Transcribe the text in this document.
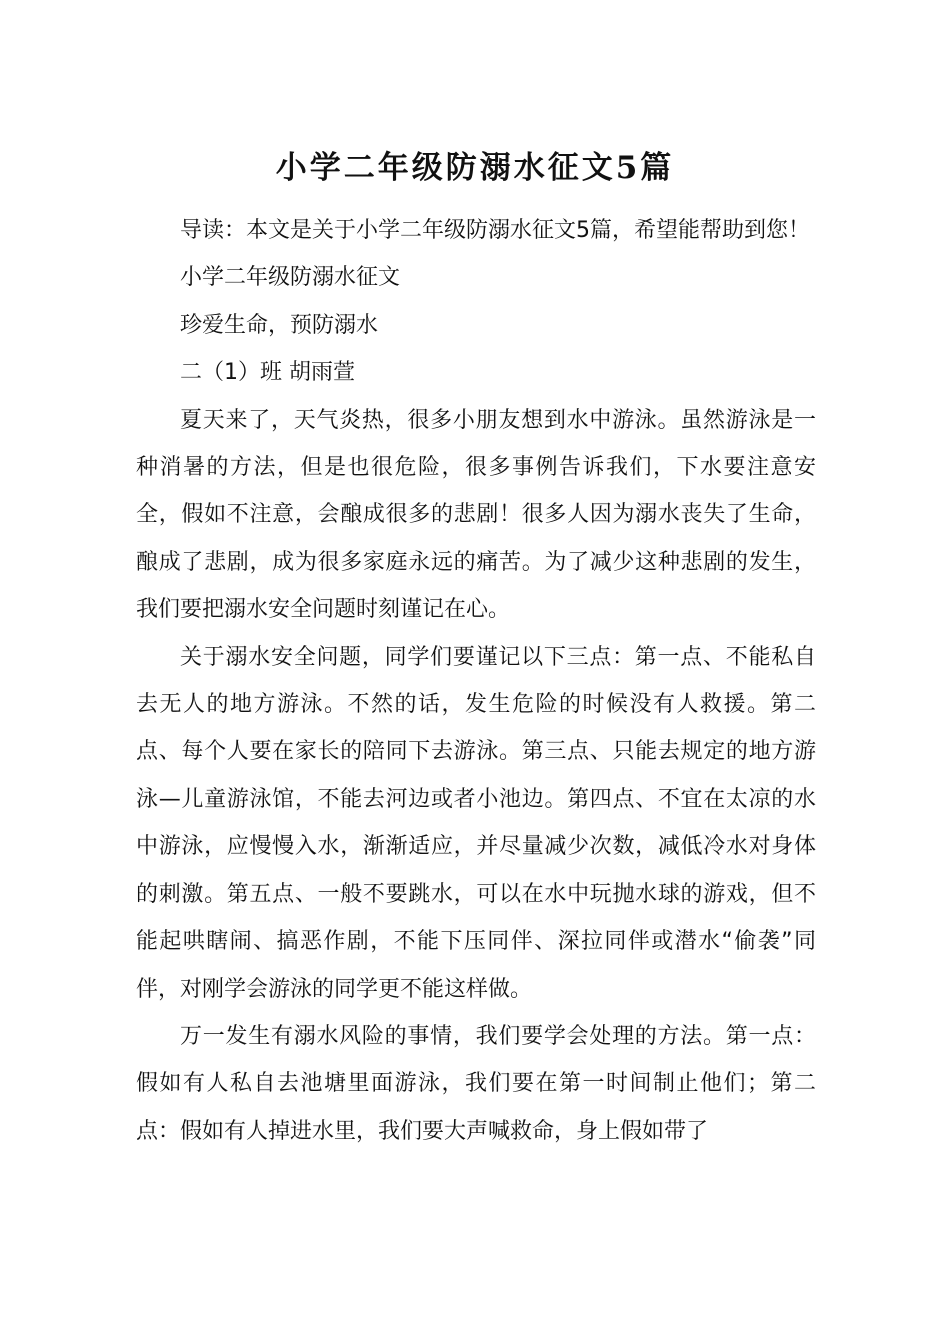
小学二年级防溺水征文5篇

导读：本文是关于小学二年级防溺水征文5篇，希望能帮助到您！

小学二年级防溺水征文

珍爱生命，预防溺水

二（1）班 胡雨萱

夏天来了，天气炎热，很多小朋友想到水中游泳。虽然游泳是一种消暑的方法，但是也很危险，很多事例告诉我们，下水要注意安全，假如不注意，会酿成很多的悲剧！很多人因为溺水丧失了生命，酿成了悲剧，成为很多家庭永远的痛苦。为了减少这种悲剧的发生，我们要把溺水安全问题时刻谨记在心。

关于溺水安全问题，同学们要谨记以下三点：第一点、不能私自去无人的地方游泳。不然的话，发生危险的时候没有人救援。第二点、每个人要在家长的陪同下去游泳。第三点、只能去规定的地方游泳—儿童游泳馆，不能去河边或者小池边。第四点、不宜在太凉的水中游泳，应慢慢入水，渐渐适应，并尽量减少次数，减低冷水对身体的刺激。第五点、一般不要跳水，可以在水中玩抛水球的游戏，但不能起哄瞎闹、搞恶作剧，不能下压同伴、深拉同伴或潜水“偷袭”同伴，对刚学会游泳的同学更不能这样做。

万一发生有溺水风险的事情，我们要学会处理的方法。第一点：假如有人私自去池塘里面游泳，我们要在第一时间制止他们；第二点：假如有人掉进水里，我们要大声喊救命，身上假如带了
